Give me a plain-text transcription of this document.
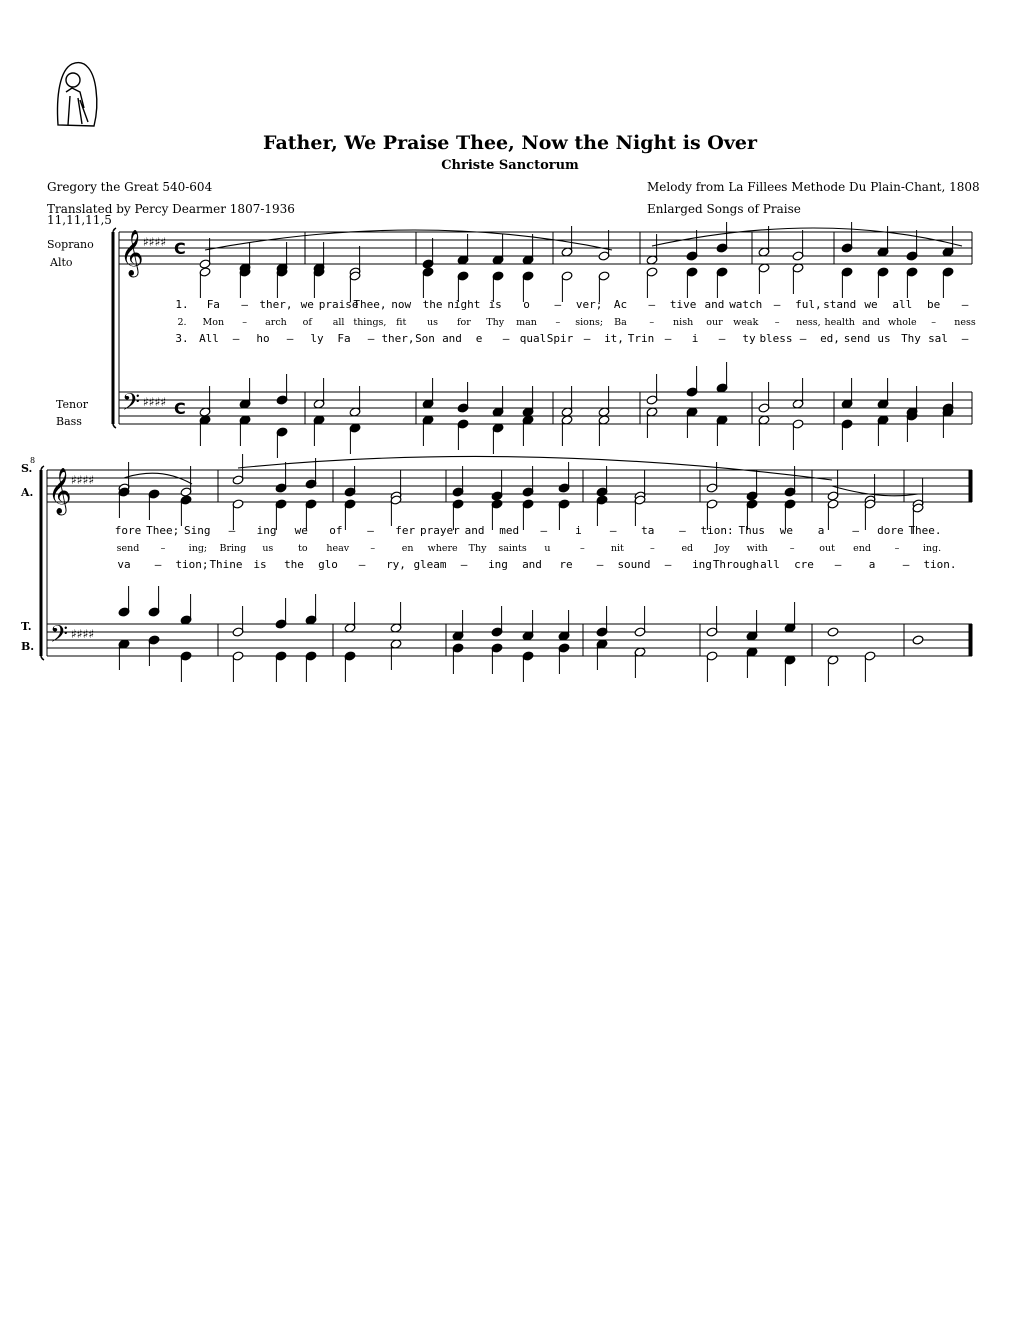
Father, We Praise Thee, Now the Night is Over
Christe Sanctorum
Gregory the Great 540-604
Translated by Percy Dearmer 1807-1936
11,11,11,5
Melody from La Fillees Methode Du Plain-Chant, 1808
Enlarged Songs of Praise
Soprano
Alto
Tenor
Bass
S.
A.
T.
B.
8
𝄞
𝄢
𝄞
𝄢
♯♯♯♯
♯♯♯♯
♯♯♯♯
♯♯♯♯
C
C
1. Fa – ther, we praise
Thee, now the night is o – ver; Ac – tive and watch – ful, stand we all be –
2. Mon – arch of all things, fit us for Thy man – sions; Ba – nish our weak – ness, health and whole – ness
3. All – ho – ly Fa – ther, Son and e – qual Spir – it, Trin – i – ty bless – ed, send us Thy sal –
fore Thee; Sing – ing we of – fer prayer and med –	i	– ta – tion: Thus we a	– dore Thee.
send – ing; Bring us	to heav –	en where Thy saints u	–	nit	–	ed Joy with –	out end – ing.
va – tion; Thine is the glo – ry, gleam – ing and re – sound – ing Through all cre – a – tion.
